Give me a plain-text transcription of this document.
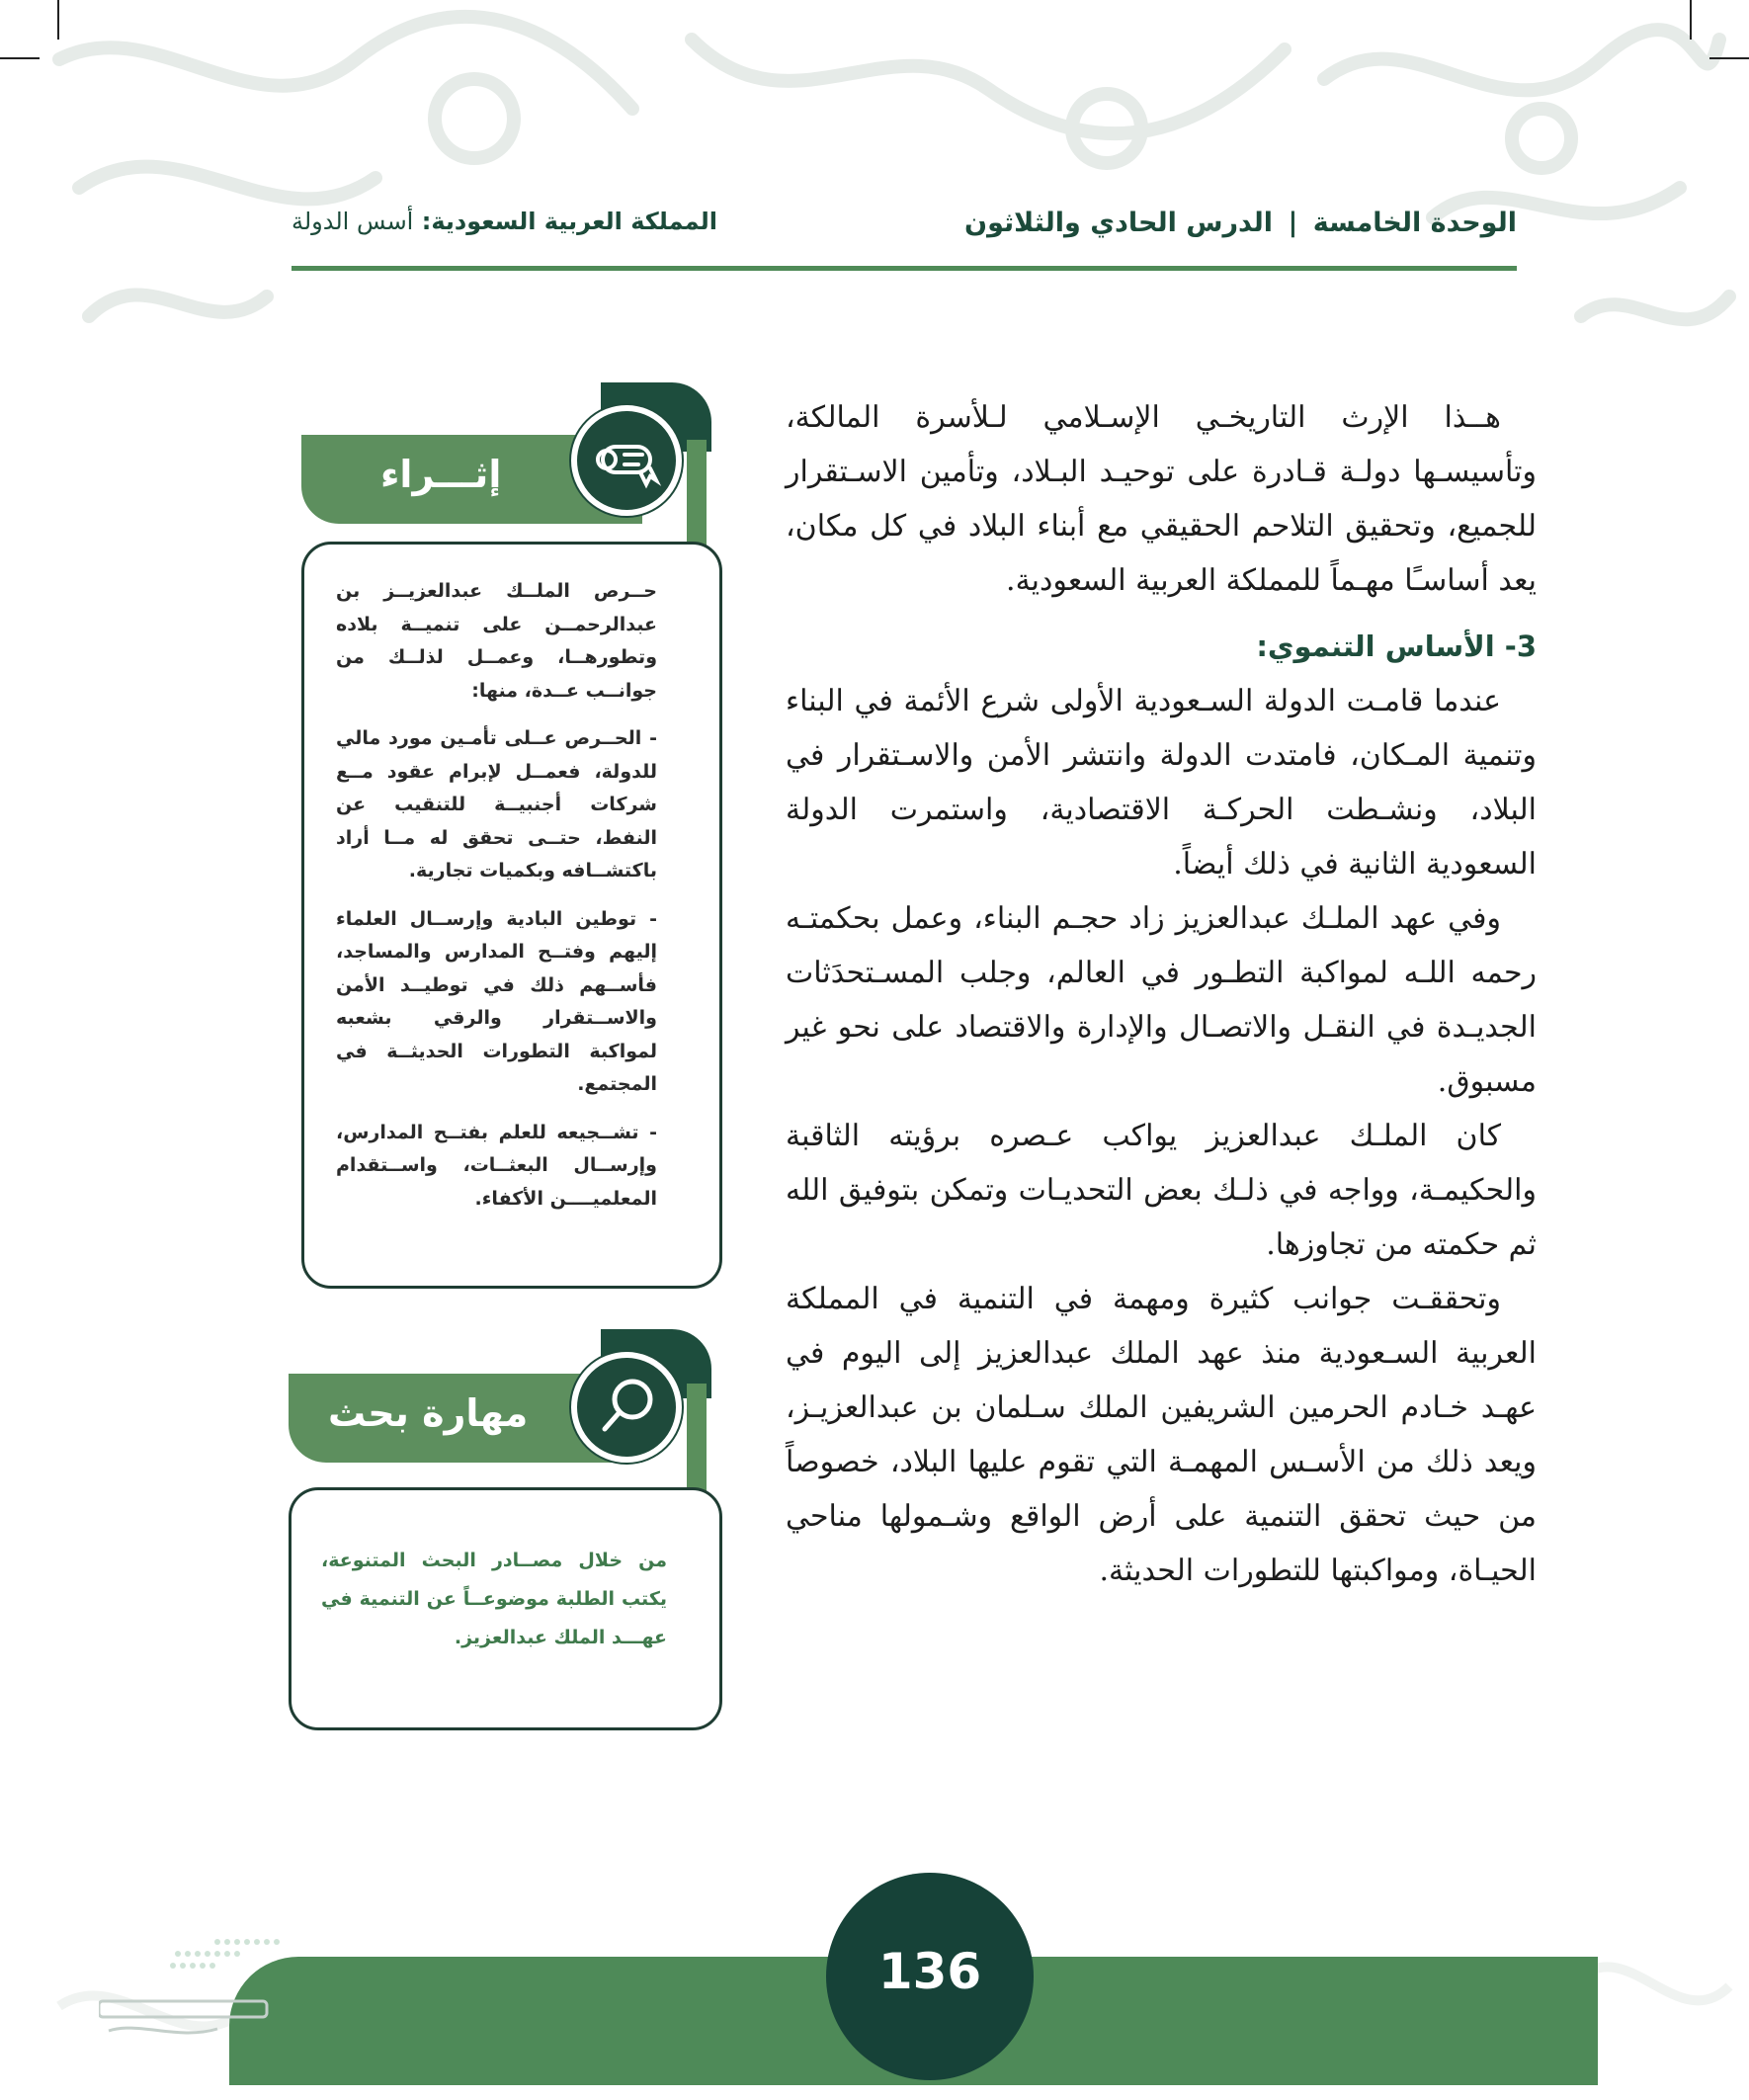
الوحدة الخامسة | الدرس الحادي والثلاثون
المملكة العربية السعودية: أسس الدولة

هــذا الإرث التاريخـي الإسـلامي لـلأسرة المالكة، وتأسيسـها دولـة قـادرة على توحيـد البـلاد، وتأمين الاسـتقرار للجميع، وتحقيق التلاحم الحقيقي مع أبناء البلاد في كل مكان، يعد أساسـًا مهـماً للمملكة العربية السعودية.

3- الأساس التنموي:

عندما قامـت الدولة السـعودية الأولى شرع الأئمة في البناء وتنمية المـكان، فامتدت الدولة وانتشر الأمن والاسـتقرار في البلاد، ونشـطت الحركـة الاقتصادية، واستمرت الدولة السعودية الثانية في ذلك أيضاً.

وفي عهد الملـك عبدالعزيز زاد حجـم البناء، وعمل بحكمتـه رحمه اللـه لمواكبة التطـور في العالم، وجلب المسـتحدَثات الجديـدة في النقـل والاتصـال والإدارة والاقتصاد على نحو غير مسبوق.

كان الملـك عبدالعزيز يواكب عـصره برؤيته الثاقبة والحكيمـة، وواجه في ذلـك بعض التحديـات وتمكن بتوفيق الله ثم حكمته من تجاوزها.

وتحققـت جوانب كثيرة ومهمة في التنمية في المملكة العربية السـعودية منذ عهد الملك عبدالعزيز إلى اليوم في عهـد خـادم الحرمين الشريفين الملك سـلمان بن عبدالعزيـز، ويعد ذلك من الأسـس المهمـة التي تقوم عليها البلاد، خصوصاً من حيث تحقق التنمية على أرض الواقع وشـمولها مناحي الحيـاة، ومواكبتها للتطورات الحديثة.

إثـــراء

حــرص الملــك عبدالعزيــز بن عبدالرحمــن على تنميــة بلاده وتطورهــا، وعمــل لذلــك من جوانــب عــدة، منها:

- الحــرص عــلى تأمـين مورد مالي للدولة، فعمــل لإبرام عقود مــع شركات أجنبيــة للتنقيب عن النفط، حتــى تحقق له مــا أراد باكتشــافه وبكميات تجارية.

- توطين البادية وإرســال العلماء إليهم وفتــح المدارس والمساجد، فأســهم ذلك في توطيــد الأمن والاســتقرار والرقي بشعبه لمواكبة التطورات الحديثــة في المجتمع.

- تشــجيعه للعلم بفتــح المدارس، وإرســال البعثــات، واســتقدام المعلميــــن الأكفاء.

مهارة بحث
من خلال مصــادر البحث المتنوعة، يكتب الطلبة موضوعــاً عن التنمية في عهـــد الملك عبدالعزيز.
136
